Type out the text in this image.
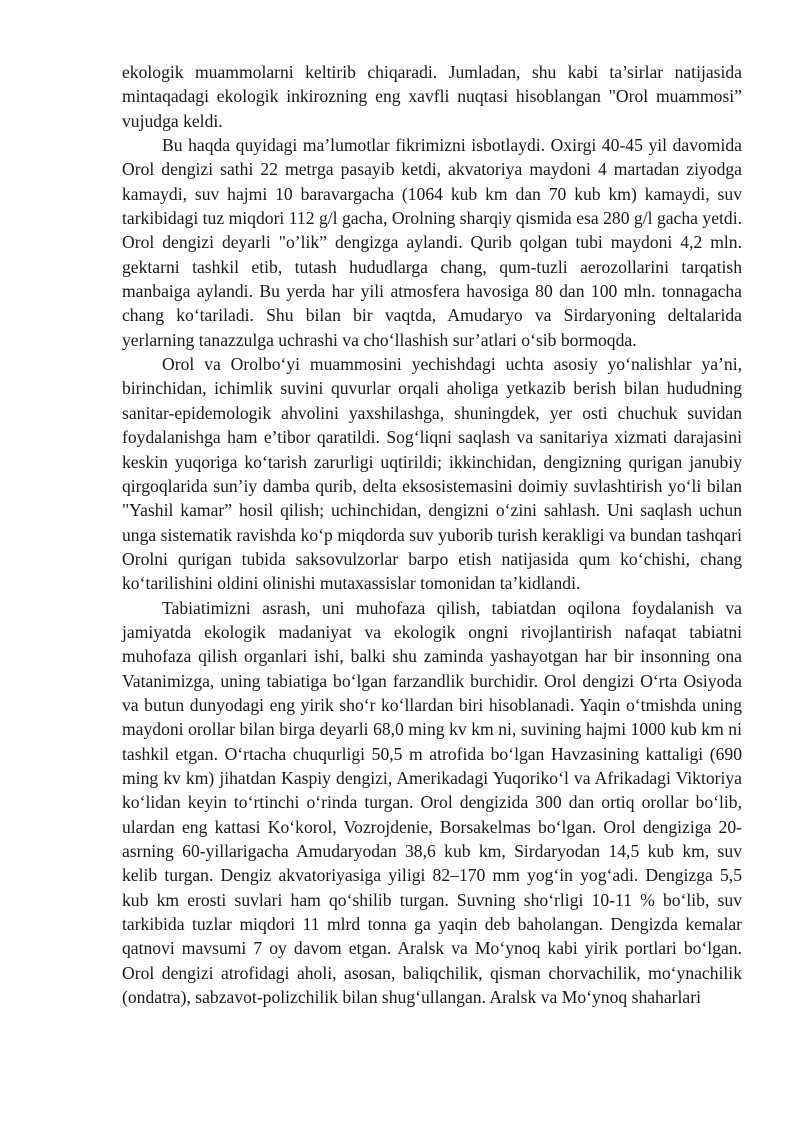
ekologik muammolarni keltirib chiqaradi. Jumladan, shu kabi ta’sirlar natijasida mintaqadagi ekologik inkirozning eng xavfli nuqtasi hisoblangan "Orol muammosi” vujudga keldi.

Bu haqda quyidagi ma’lumotlar fikrimizni isbotlaydi. Oxirgi 40-45 yil davomida Orol dengizi sathi 22 metrga pasayib ketdi, akvatoriya maydoni 4 martadan ziyodga kamaydi, suv hajmi 10 baravargacha (1064 kub km dan 70 kub km) kamaydi, suv tarkibidagi tuz miqdori 112 g/l gacha, Orolning sharqiy qismida esa 280 g/l gacha yetdi. Orol dengizi deyarli "o’lik” dengizga aylandi. Qurib qolgan tubi maydoni 4,2 mln. gektarni tashkil etib, tutash hududlarga chang, qum-tuzli aerozollarini tarqatish manbaiga aylandi. Bu yerda har yili atmosfera havosiga 80 dan 100 mln. tonnagacha chang ko‘tariladi. Shu bilan bir vaqtda, Amudaryo va Sirdaryoning deltalarida yerlarning tanazzulga uchrashi va cho‘llashish sur’atlari o‘sib bormoqda.

Orol va Orolbo‘yi muammosini yechishdagi uchta asosiy yo‘nalishlar ya’ni, birinchidan, ichimlik suvini quvurlar orqali aholiga yetkazib berish bilan hududning sanitar-epidemologik ahvolini yaxshilashga, shuningdek, yer osti chuchuk suvidan foydalanishga ham e’tibor qaratildi. Sog‘liqni saqlash va sanitariya xizmati darajasini keskin yuqoriga ko‘tarish zarurligi uqtirildi; ikkinchidan, dengizning qurigan janubiy qirgoqlarida sun’iy damba qurib, delta eksosistemasini doimiy suvlashtirish yo‘li bilan "Yashil kamar” hosil qilish; uchinchidan, dengizni o‘zini sahlash. Uni saqlash uchun unga sistematik ravishda ko‘p miqdorda suv yuborib turish kerakligi va bundan tashqari Orolni qurigan tubida saksovulzorlar barpo etish natijasida qum ko‘chishi, chang ko‘tarilishini oldini olinishi mutaxassislar tomonidan ta’kidlandi.

Tabiatimizni asrash, uni muhofaza qilish, tabiatdan oqilona foydalanish va jamiyatda ekologik madaniyat va ekologik ongni rivojlantirish nafaqat tabiatni muhofaza qilish organlari ishi, balki shu zaminda yashayotgan har bir insonning ona Vatanimizga, uning tabiatiga bo‘lgan farzandlik burchidir. Orol dengizi O‘rta Osiyoda va butun dunyodagi eng yirik sho‘r ko‘llardan biri hisoblanadi. Yaqin o‘tmishda uning maydoni orollar bilan birga deyarli 68,0 ming kv km ni, suvining hajmi 1000 kub km ni tashkil etgan. O‘rtacha chuqurligi 50,5 m atrofida bo‘lgan Havzasining kattaligi (690 ming kv km) jihatdan Kaspiy dengizi, Amerikadagi Yuqoriko‘l va Afrikadagi Viktoriya ko‘lidan keyin to‘rtinchi o‘rinda turgan. Orol dengizida 300 dan ortiq orollar bo‘lib, ulardan eng kattasi Ko‘korol, Vozrojdenie, Borsakelmas bo‘lgan. Orol dengiziga 20-asrning 60-yillarigacha Amudaryodan 38,6 kub km, Sirdaryodan 14,5 kub km, suv kelib turgan. Dengiz akvatoriyasiga yiligi 82–170 mm yog‘in yog‘adi. Dengizga 5,5 kub km erosti suvlari ham qo‘shilib turgan. Suvning sho‘rligi 10-11 % bo‘lib, suv tarkibida tuzlar miqdori 11 mlrd tonna ga yaqin deb baholangan. Dengizda kemalar qatnovi mavsumi 7 oy davom etgan. Aralsk va Mo‘ynoq kabi yirik portlari bo‘lgan. Orol dengizi atrofidagi aholi, asosan, baliqchilik, qisman chorvachilik, mo‘ynachilik (ondatra), sabzavot-polizchilik bilan shug‘ullangan. Aralsk va Mo‘ynoq shaharlari
